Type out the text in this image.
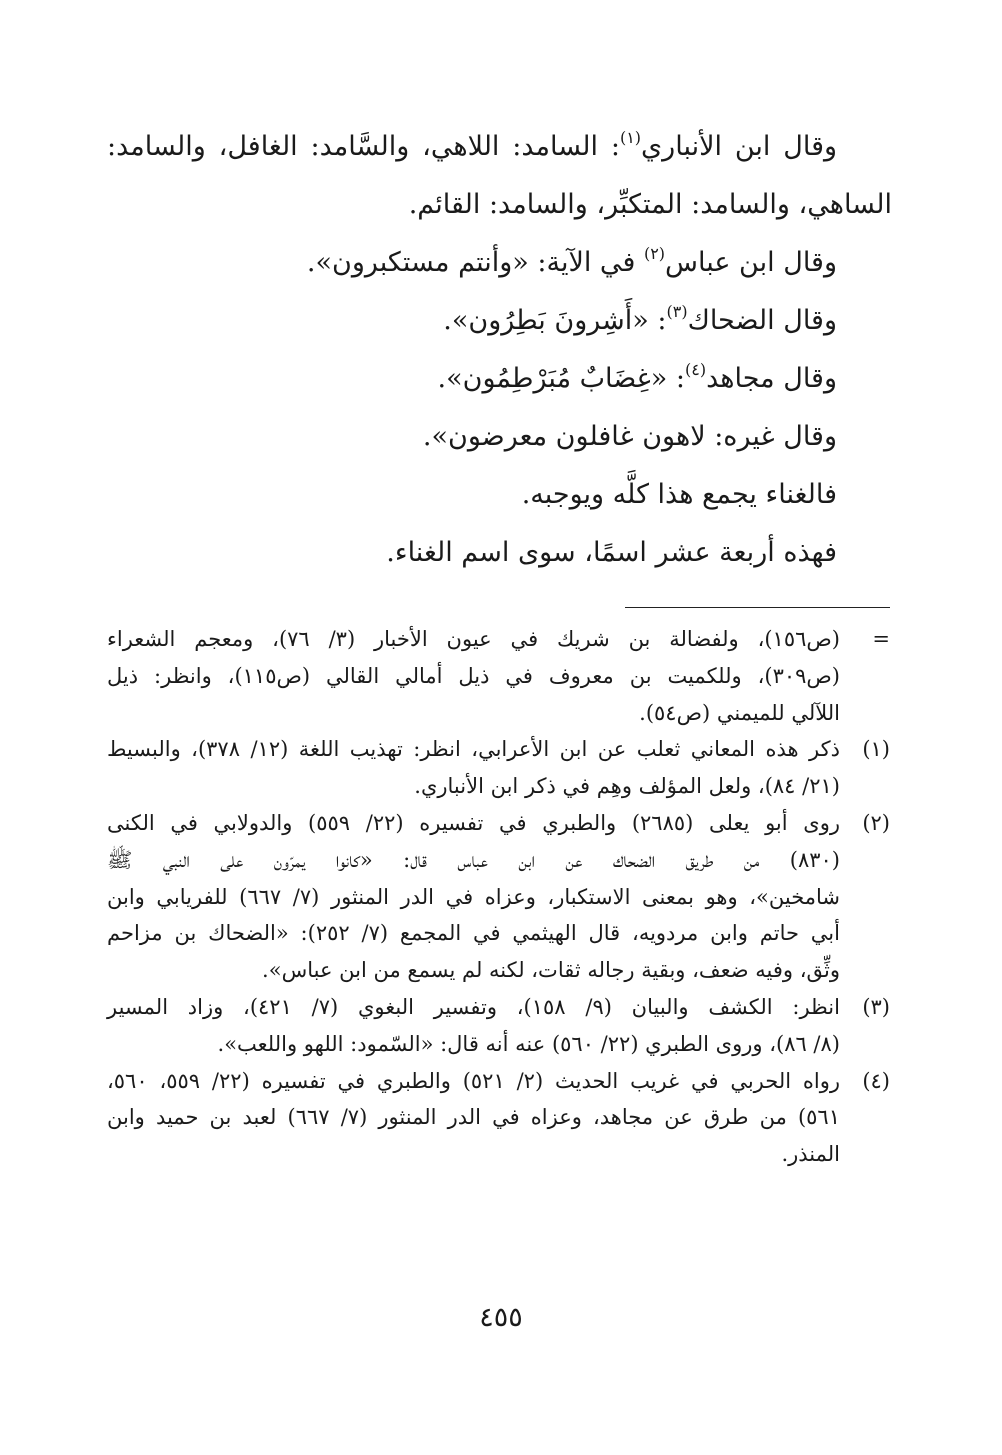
وقال ابن الأنباري$^{(١)}$: السامد: اللاهي، والسَّامد: الغافل، والسامد:
الساهي، والسامد: المتكبِّر، والسامد: القائم.
وقال ابن عباس$^{(٢)}$ في الآية: «وأنتم مستكبرون».
وقال الضحاك$^{(٣)}$: «أَشِرونَ بَطِرُون».
وقال مجاهد$^{(٤)}$: «غِضَابٌ مُبَرْطِمُون».
وقال غيره: لاهون غافلون معرضون».
فالغناء يجمع هذا كلَّه ويوجبه.
فهذه أربعة عشر اسمًا، سوى اسم الغناء.
=
(ص١٥٦)، ولفضالة بن شريك في عيون الأخبار (٣/ ٧٦)، ومعجم الشعراء
(ص٣٠٩)، وللكميت بن معروف في ذيل أمالي القالي (ص١١٥)، وانظر: ذيل
اللآلي للميمني (ص٥٤).
(١)
ذكر هذه المعاني ثعلب عن ابن الأعرابي، انظر: تهذيب اللغة (١٢/ ٣٧٨)، والبسيط
(٢١/ ٨٤)، ولعل المؤلف وهِم في ذكر ابن الأنباري.
(٢)
روى أبو يعلى (٢٦٨٥) والطبري في تفسيره (٢٢/ ٥٥٩) والدولابي في الكنى
(٨٣٠) من طريق الضحاك عن ابن عباس قال: «كانوا يمرّون على النبي ﷺ
شامخين»، وهو بمعنى الاستكبار، وعزاه في الدر المنثور (٧/ ٦٦٧) للفريابي وابن
أبي حاتم وابن مردويه، قال الهيثمي في المجمع (٧/ ٢٥٢): «الضحاك بن مزاحم
وثِّق، وفيه ضعف، وبقية رجاله ثقات، لكنه لم يسمع من ابن عباس».
(٣)
انظر: الكشف والبيان (٩/ ١٥٨)، وتفسير البغوي (٧/ ٤٢١)، وزاد المسير
(٨/ ٨٦)، وروى الطبري (٢٢/ ٥٦٠) عنه أنه قال: «السّمود: اللهو واللعب».
(٤)
رواه الحربي في غريب الحديث (٢/ ٥٢١) والطبري في تفسيره (٢٢/ ٥٥٩، ٥٦٠،
٥٦١) من طرق عن مجاهد، وعزاه في الدر المنثور (٧/ ٦٦٧) لعبد بن حميد وابن
المنذر.
٤٥٥
